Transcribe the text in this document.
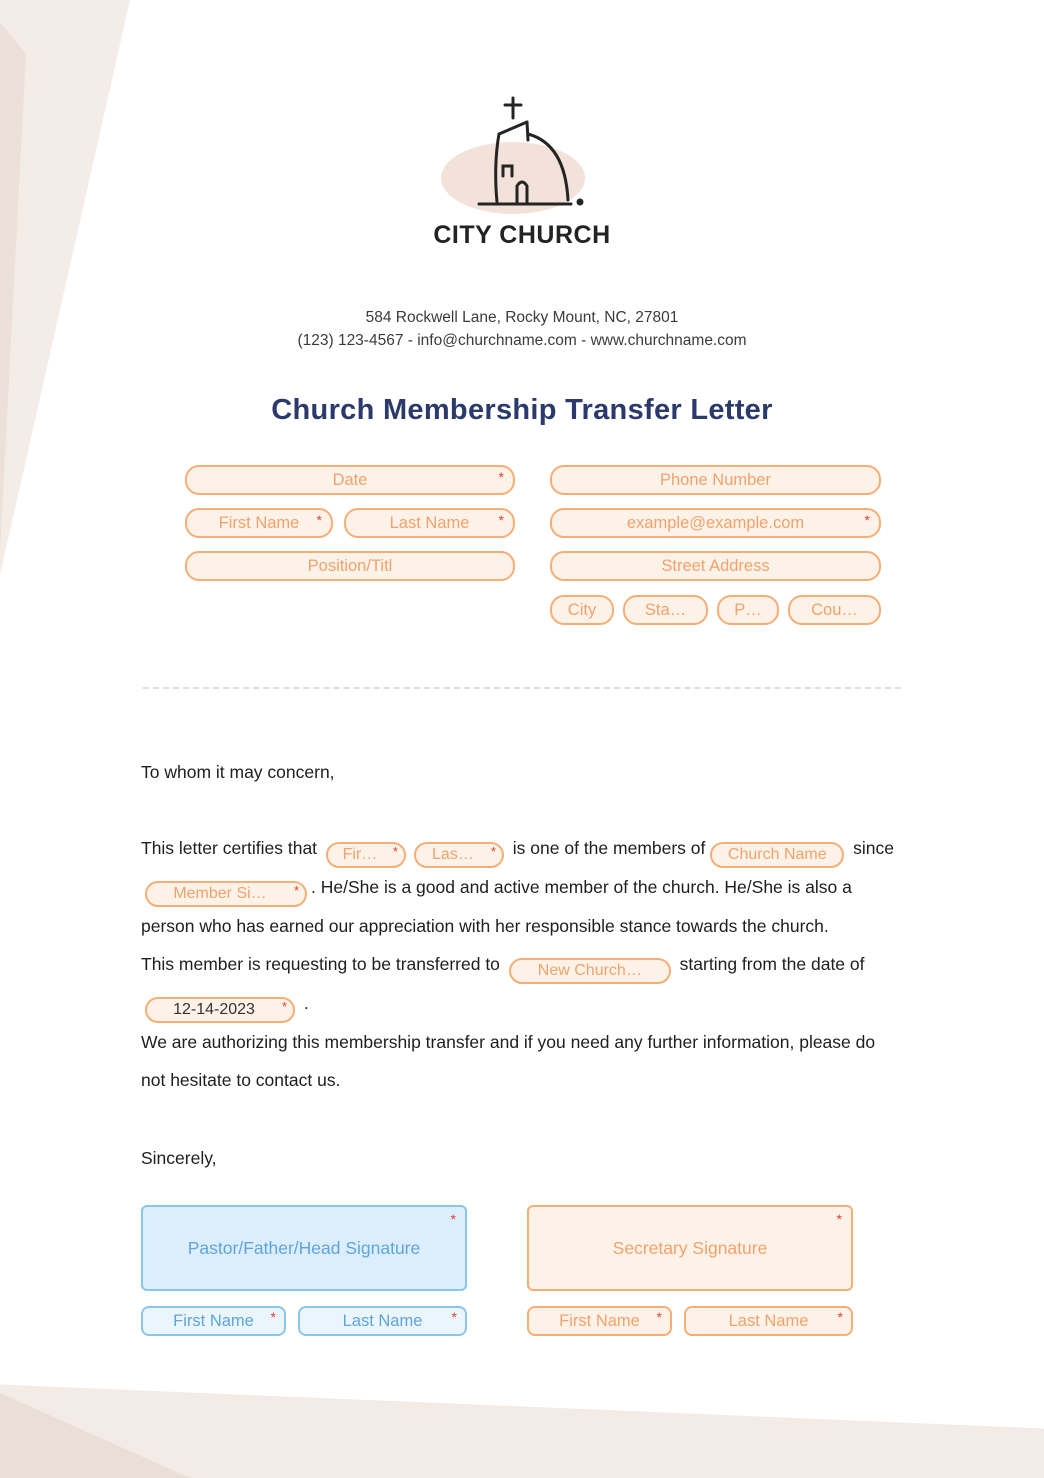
CITY CHURCH
584 Rockwell Lane, Rocky Mount, NC, 27801
(123) 123-4567 - info@churchname.com - www.churchname.com
Church Membership Transfer Letter
Date	*
First Name *	Last Name *
Position/Titl
Phone Number
example@example.com	*
Street Address
City	Sta…	P…	Cou…

To whom it may concern,

This letter certifies that Fir… * Las… * is one of the members of Church Name since
Member Si… * . He/She is a good and active member of the church. He/She is also a person who has earned our appreciation with her responsible stance towards the church.

This member is requesting to be transferred to New Church… starting from the date of
12-14-2023 * .

We are authorizing this membership transfer and if you need any further information, please do not hesitate to contact us.

Sincerely,

Pastor/Father/Head Signature
*
First Name *	Last Name *
Secretary Signature
*
First Name *	Last Name *
